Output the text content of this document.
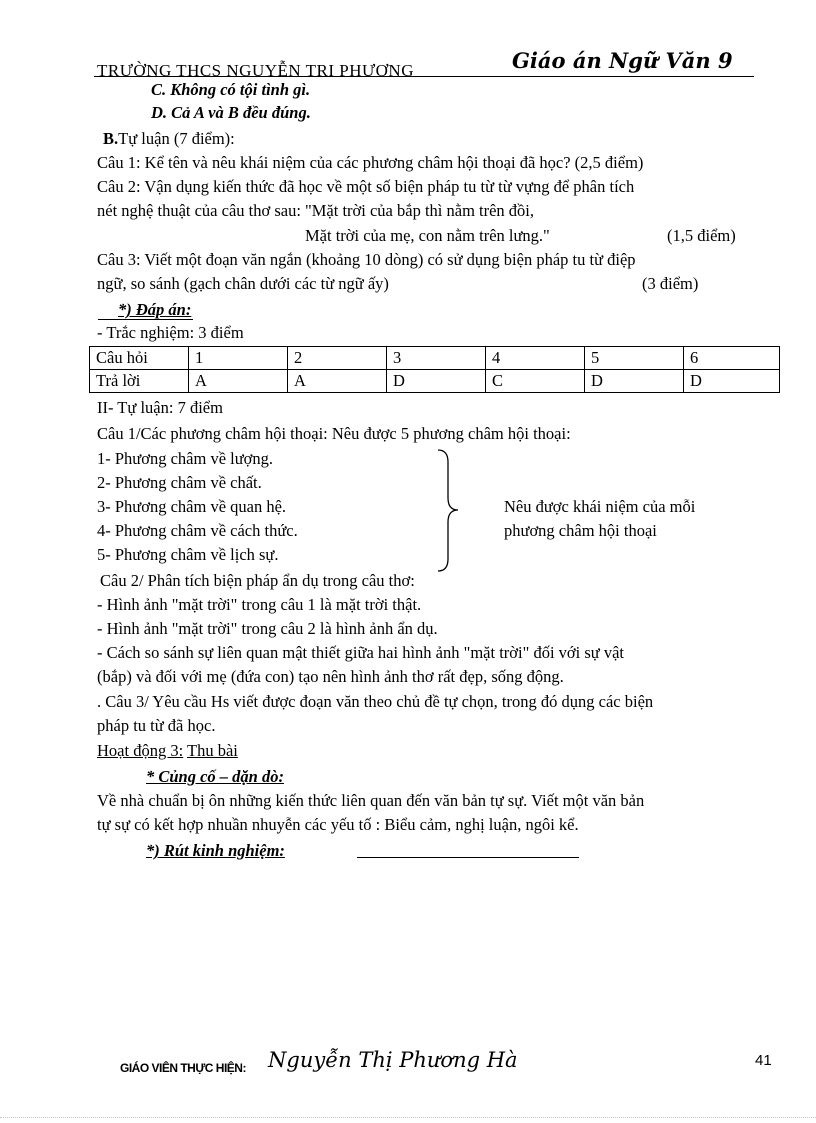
TRƯỜNG THCS NGUYỄN TRI PHƯƠNG	Giáo án Ngữ Văn 9
C. Không có tội tình gì.
D. Cả A và B đều đúng.
B.Tự luận (7 điểm):
Câu 1: Kể tên và nêu khái niệm của các phương châm hội thoại đã học? (2,5 điểm)
Câu 2: Vận dụng kiến thức đã học về một số biện pháp tu từ từ vựng để phân tích
nét nghệ thuật của câu thơ sau: "Mặt trời của bắp thì nằm trên đồi,
Mặt trời của mẹ, con nằm trên lưng."	(1,5 điểm)
Câu 3: Viết một đoạn văn ngắn (khoảng 10 dòng) có sử dụng biện pháp tu từ điệp
ngữ, so sánh (gạch chân dưới các từ ngữ ấy)	(3 điểm)
*) Đáp án:
- Trắc nghiệm: 3 điểm
Câu hỏi	1	2	3	4	5	6
Trả lời	A	A	D	C	D	D
II- Tự luận: 7 điểm
Câu 1/Các phương châm hội thoại: Nêu được 5 phương châm hội thoại:
1- Phương châm về lượng.
2- Phương châm về chất.
3- Phương châm về quan hệ.
4- Phương châm về cách thức.
5- Phương châm về lịch sự.
Nêu được khái niệm của mỗi
phương châm hội thoại
Câu 2/ Phân tích biện pháp ẩn dụ trong câu thơ:
- Hình ảnh "mặt trời" trong câu 1 là mặt trời thật.
- Hình ảnh "mặt trời" trong câu 2 là hình ảnh ẩn dụ.
- Cách so sánh sự liên quan mật thiết giữa hai hình ảnh "mặt trời" đối với sự vật
(bắp) và đối với mẹ (đứa con) tạo nên hình ảnh thơ rất đẹp, sống động.
. Câu 3/ Yêu cầu Hs viết được đoạn văn theo chủ đề tự chọn, trong đó dụng các biện
pháp tu từ đã học.
Hoạt động 3: Thu bài
* Củng cố – dặn dò:
Về nhà chuẩn bị ôn những kiến thức liên quan đến văn bản tự sự. Viết một văn bản
tự sự có kết hợp nhuần nhuyễn các yếu tố : Biểu cảm, nghị luận, ngôi kể.
*) Rút kinh nghiệm:
GIÁO VIÊN THỰC HIỆN: Nguyễn Thị Phương Hà	41
